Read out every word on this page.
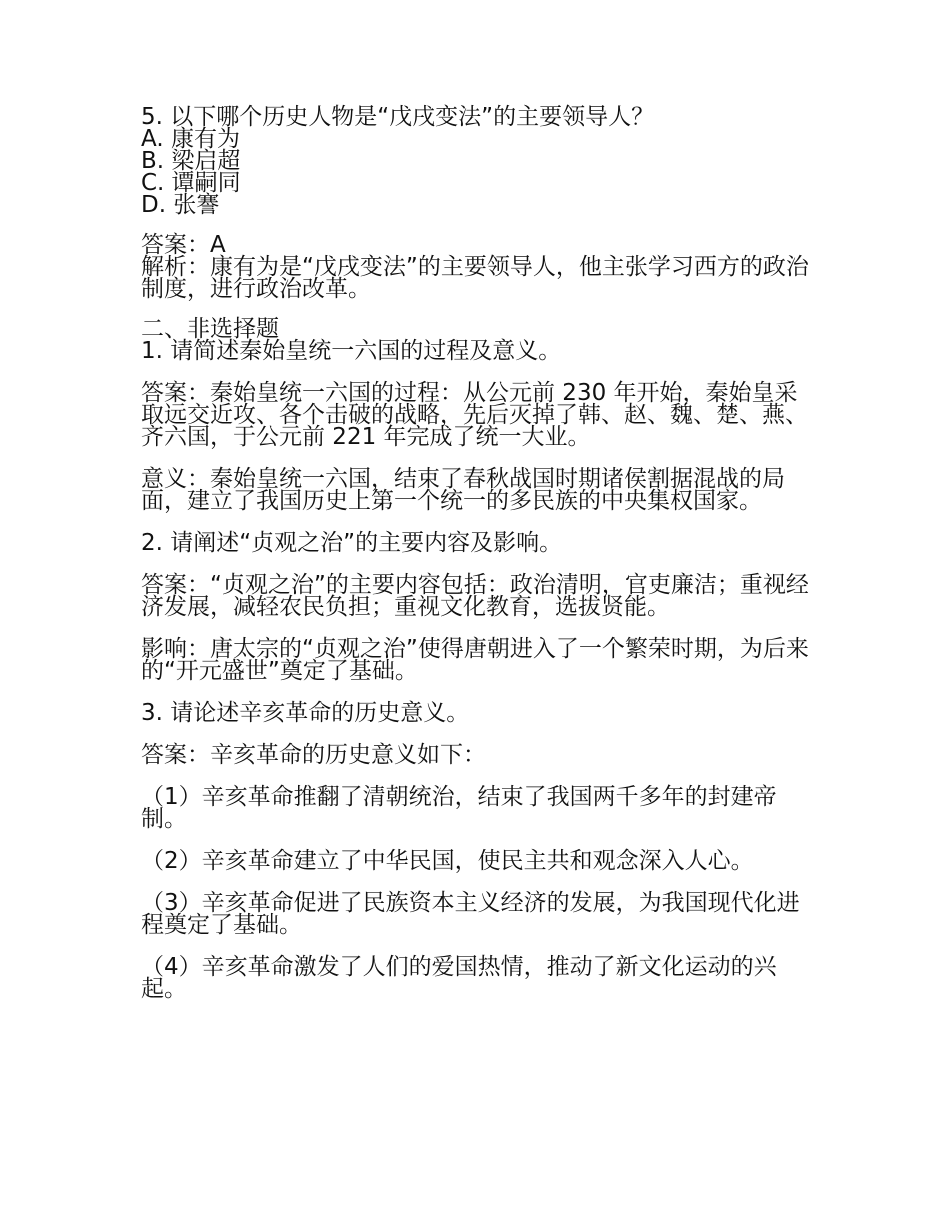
5. 以下哪个历史人物是“戊戌变法”的主要领导人？

A. 康有为

B. 梁启超

C. 谭嗣同

D. 张謇

答案：A

解析：康有为是“戊戌变法”的主要领导人，他主张学习西方的政治制度，进行政治改革。

二、非选择题

1. 请简述秦始皇统一六国的过程及意义。

答案：秦始皇统一六国的过程：从公元前 230 年开始，秦始皇采取远交近攻、各个击破的战略，先后灭掉了韩、赵、魏、楚、燕、齐六国，于公元前 221 年完成了统一大业。

意义：秦始皇统一六国，结束了春秋战国时期诸侯割据混战的局面，建立了我国历史上第一个统一的多民族的中央集权国家。

2. 请阐述“贞观之治”的主要内容及影响。

答案：“贞观之治”的主要内容包括：政治清明，官吏廉洁；重视经济发展，减轻农民负担；重视文化教育，选拔贤能。

影响：唐太宗的“贞观之治”使得唐朝进入了一个繁荣时期，为后来的“开元盛世”奠定了基础。

3. 请论述辛亥革命的历史意义。

答案：辛亥革命的历史意义如下：

（1）辛亥革命推翻了清朝统治，结束了我国两千多年的封建帝制。

（2）辛亥革命建立了中华民国，使民主共和观念深入人心。

（3）辛亥革命促进了民族资本主义经济的发展，为我国现代化进程奠定了基础。

（4）辛亥革命激发了人们的爱国热情，推动了新文化运动的兴起。
